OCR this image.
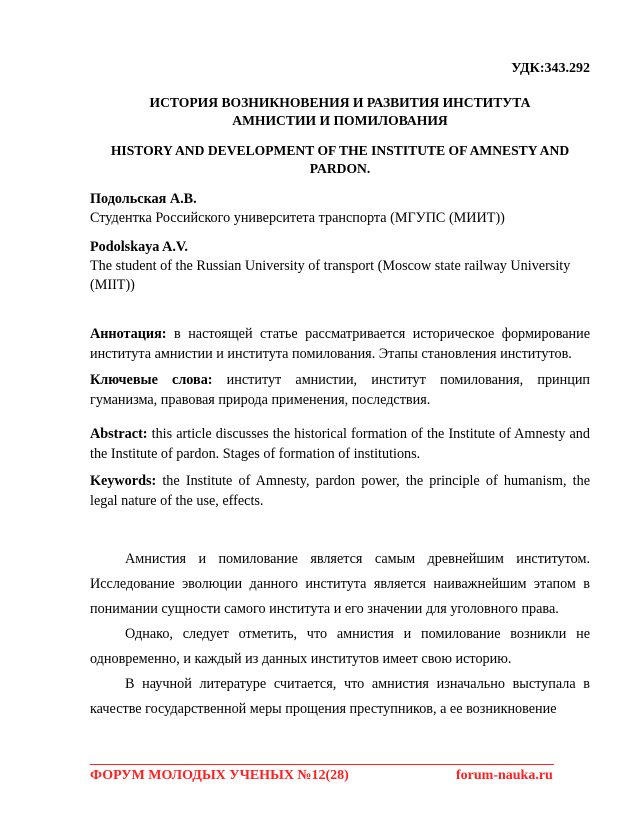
УДК:343.292
ИСТОРИЯ ВОЗНИКНОВЕНИЯ И РАЗВИТИЯ ИНСТИТУТА АМНИСТИИ И ПОМИЛОВАНИЯ
HISTORY AND DEVELOPMENT OF THE INSTITUTE OF AMNESTY AND PARDON.
Подольская А.В.
Студентка Российского университета транспорта (МГУПС (МИИТ))
Podolskaya A.V.
The student of the Russian University of transport (Moscow state railway University (MIIT))
Аннотация: в настоящей статье рассматривается историческое формирование института амнистии и института помилования. Этапы становления институтов.
Ключевые слова: институт амнистии, институт помилования, принцип гуманизма, правовая природа применения, последствия.
Abstract: this article discusses the historical formation of the Institute of Amnesty and the Institute of pardon. Stages of formation of institutions.
Keywords: the Institute of Amnesty, pardon power, the principle of humanism, the legal nature of the use, effects.
Амнистия и помилование является самым древнейшим институтом. Исследование эволюции данного института является наиважнейшим этапом в понимании сущности самого института и его значении для уголовного права.
Однако, следует отметить, что амнистия и помилование возникли не одновременно, и каждый из данных институтов имеет свою историю.
В научной литературе считается, что амнистия изначально выступала в качестве государственной меры прощения преступников, а ее возникновение
ФОРУМ МОЛОДЫХ УЧЕНЫХ №12(28)	forum-nauka.ru
